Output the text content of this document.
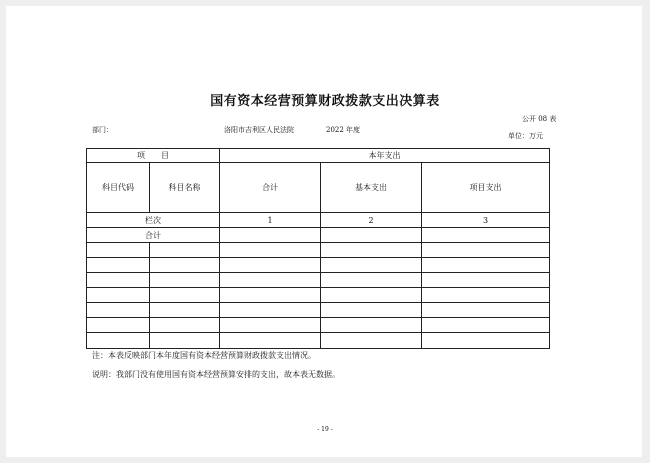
国有资本经营预算财政拨款支出决算表
公开 08 表
部门：	洛阳市吉利区人民法院	2022 年度
单位：万元
项　　目		本年支出		
科目代码	科目名称	合计	基本支出	项目支出
栏次		1	2	3
合计				

注：本表反映部门本年度国有资本经营预算财政拨款支出情况。
说明：我部门没有使用国有资本经营预算安排的支出，故本表无数据。
- 19 -
